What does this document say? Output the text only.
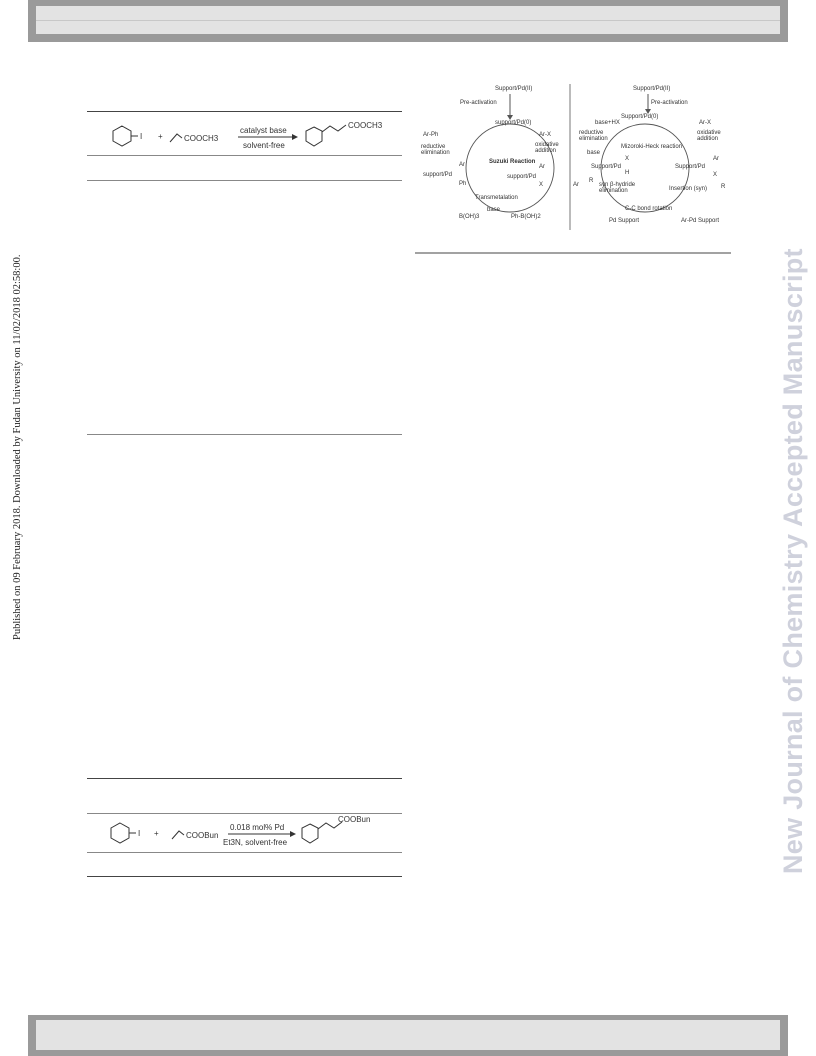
Published on 09 February 2018. Downloaded by Fudan University on 11/02/2018 02:58:00.	New Journal of Chemistry Accepted Manuscript
I +	COOCH3
catalyst base
solvent-free
COOCH3
I +	COOBun
0.018 mol% Pd
Et3N, solvent-free
COOBun
Support/Pd(II)
Pre-activation
support/Pd(0)
Ar-Ph
reductive elimination
Ar-X
oxidative addition
Suzuki Reaction
Ar
support/Pd
Ph
Ar
support/Pd
X
Transmetalation
base
B(OH)3	Ph-B(OH)2
Support/Pd(II)
Pre-activation
Support/Pd(0)
base+HX
reductive elimination
Ar-X
oxidative addition
Mizoroki-Heck reaction
base
Support/Pd
X
H
Ar
Support/Pd
X
Ar
R
syn β-hydride elimination	Insertion (syn) R
C-C bond rotation
Pd Support	Ar-Pd Support
